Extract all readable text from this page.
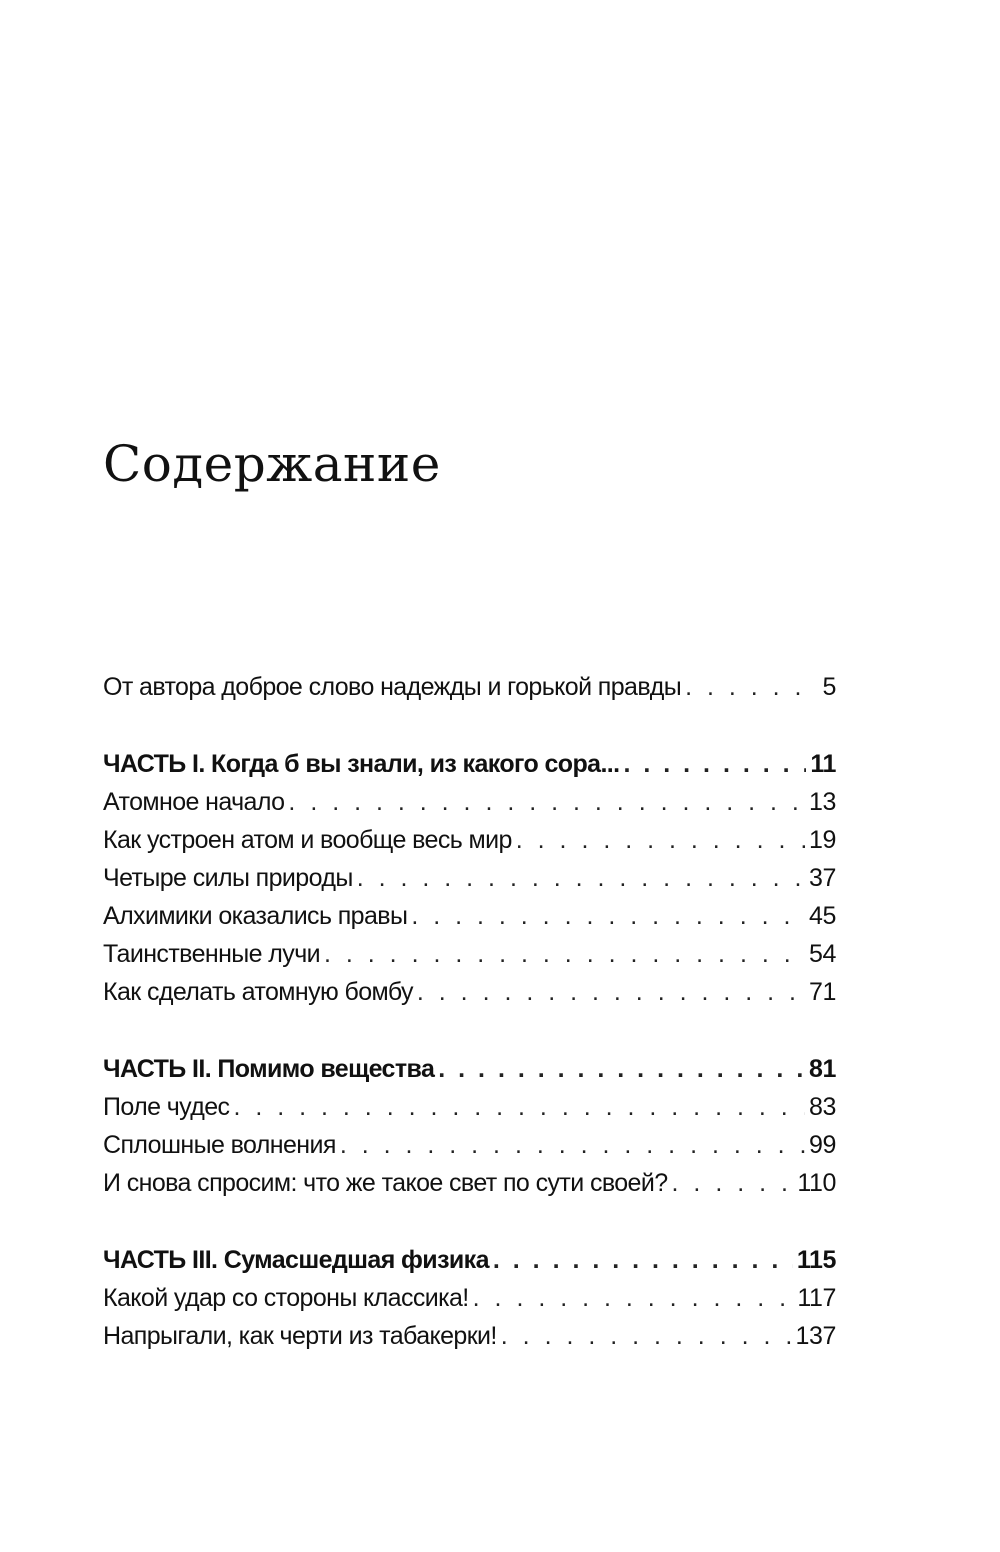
Содержание
От автора доброе слово надежды и горькой правды . . .	5
ЧАСТЬ I. Когда б вы знали, из какого сора... . . .	11
Атомное начало . . .	13
Как устроен атом и вообще весь мир . . .	19
Четыре силы природы . . .	37
Алхимики оказались правы . . .	45
Таинственные лучи . . .	54
Как сделать атомную бомбу . . .	71
ЧАСТЬ II. Помимо вещества . . .	81
Поле чудес . . .	83
Сплошные волнения . . .	99
И снова спросим: что же такое свет по сути своей? . . .	110
ЧАСТЬ III. Сумасшедшая физика . . .	115
Какой удар со стороны классика! . . .	117
Напрыгали, как черти из табакерки! . . .	137
